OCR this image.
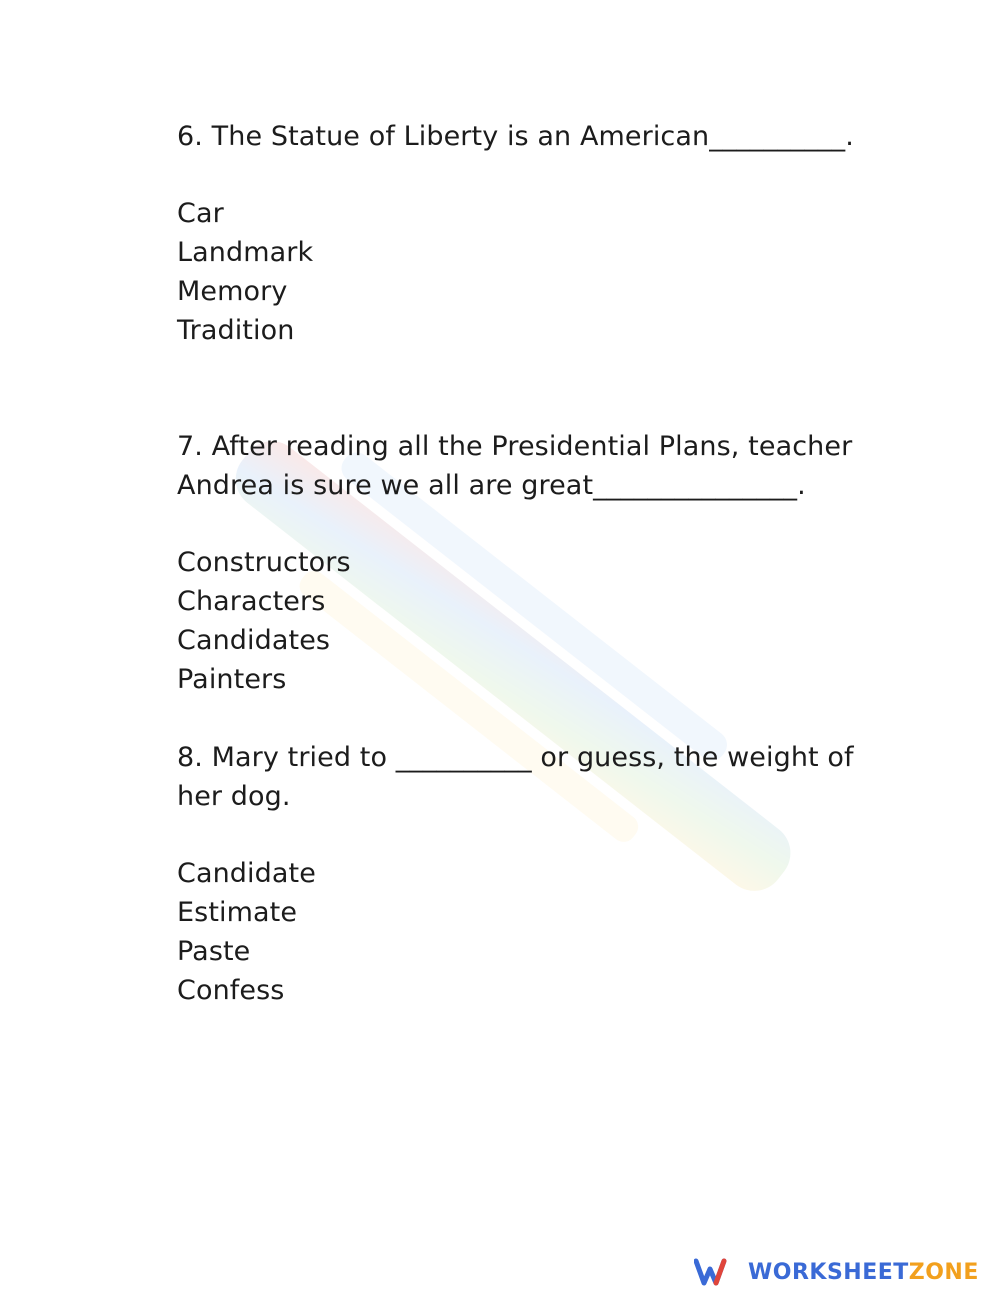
6. The Statue of Liberty is an American__________.
Car
Landmark
Memory
Tradition
7. After reading all the Presidential Plans, teacher
Andrea is sure we all are great_______________.
Constructors
Characters
Candidates
Painters
8. Mary tried to __________ or guess, the weight of
her dog.
Candidate
Estimate
Paste
Confess
WORKSHEETZONE
